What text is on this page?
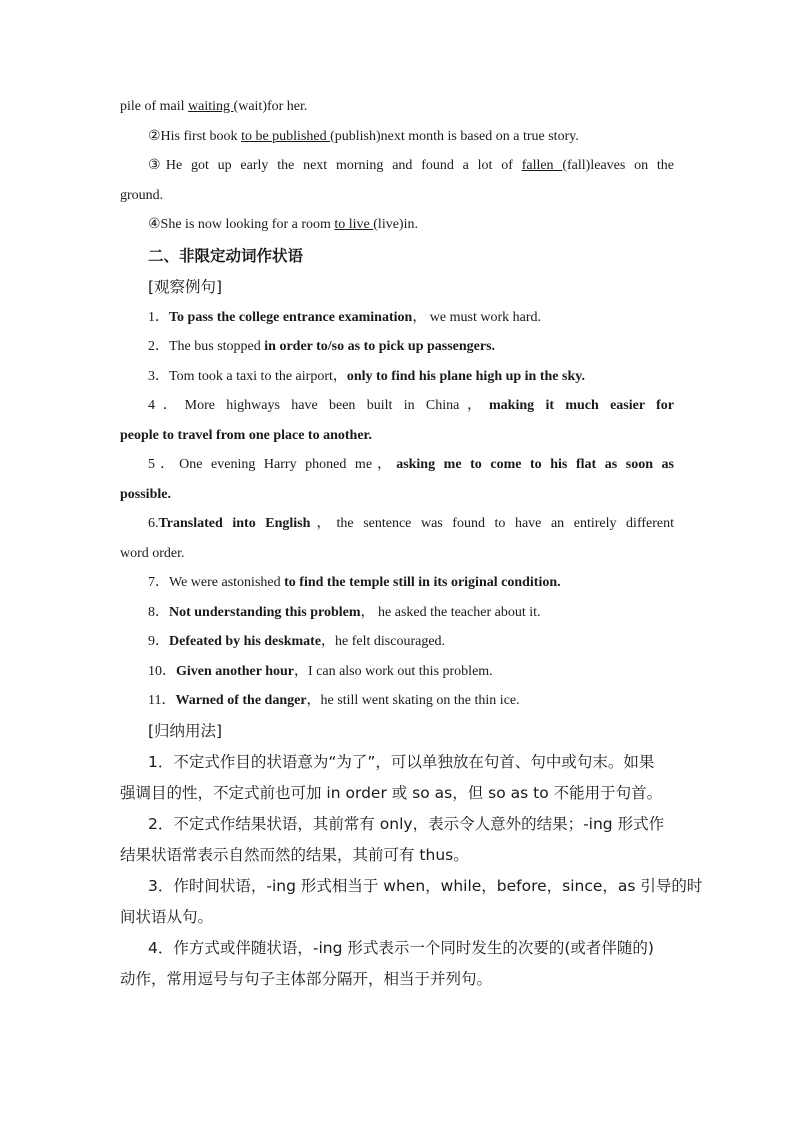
pile of mail waiting (wait)for her.
②His first book to be published (publish)next month is based on a true story.
③He got up early the next morning and found a lot of fallen (fall)leaves on the
ground.
④She is now looking for a room to live (live)in.
二、非限定动词作状语
[观察例句]
1．To pass the college entrance examination， we must work hard.
2．The bus stopped in order to/so as to pick up passengers.
3．Tom took a taxi to the airport，only to find his plane high up in the sky.
4．More highways have been built in China，making it much easier for
people to travel from one place to another.
5．One evening Harry phoned me，asking me to come to his flat as soon as
possible.
6.Translated into English，the sentence was found to have an entirely different
word order.
7．We were astonished to find the temple still in its original condition.
8．Not understanding this problem， he asked the teacher about it.
9．Defeated by his deskmate，he felt discouraged.
10．Given another hour，I can also work out this problem.
11．Warned of the danger，he still went skating on the thin ice.
[归纳用法]
1．不定式作目的状语意为“为了”，可以单独放在句首、句中或句末。如果
强调目的性，不定式前也可加 in order 或 so as，但 so as to 不能用于句首。
2．不定式作结果状语，其前常有 only，表示令人意外的结果；-ing 形式作
结果状语常表示自然而然的结果，其前可有 thus。
3．作时间状语，-ing 形式相当于 when，while，before，since，as 引导的时
间状语从句。
4．作方式或伴随状语，-ing 形式表示一个同时发生的次要的(或者伴随的)
动作，常用逗号与句子主体部分隔开，相当于并列句。
